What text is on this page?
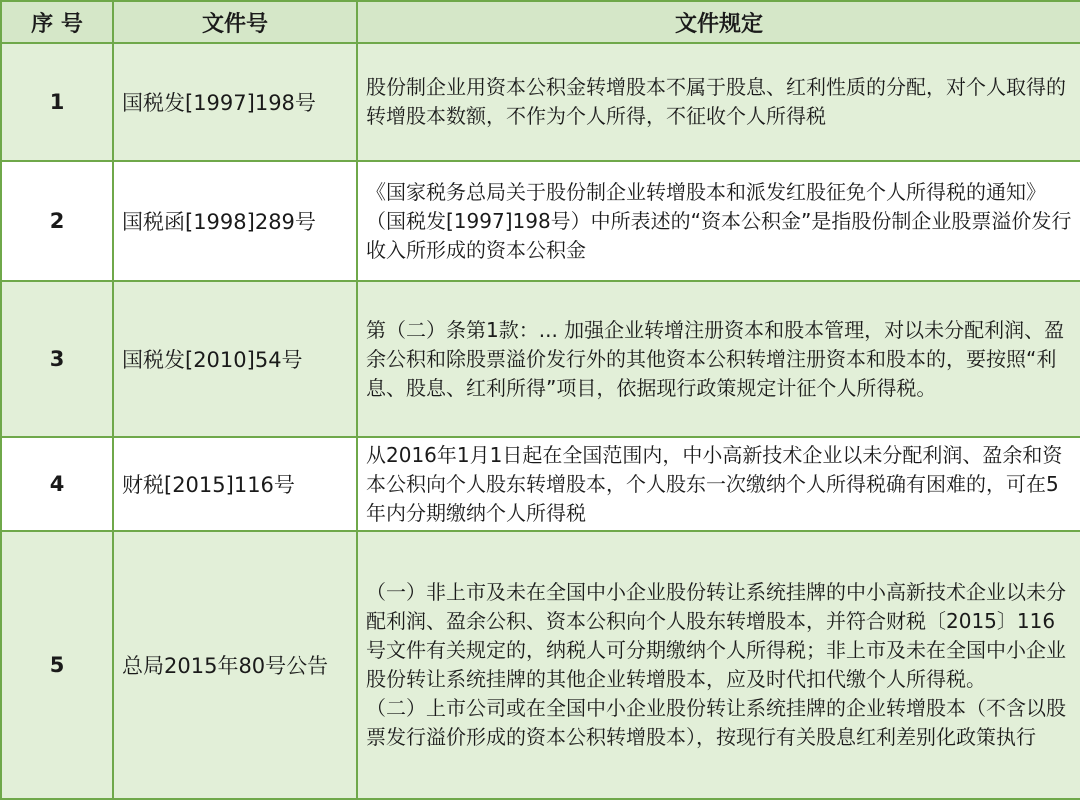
序 号	文件号	文件规定
1	国税发[1997]198号	股份制企业用资本公积金转增股本不属于股息、红利性质的分配，对个人取得的转增股本数额，不作为个人所得，不征收个人所得税

2	国税函[1998]289号	《国家税务总局关于股份制企业转增股本和派发红股征免个人所得税的通知》（国税发[1997]198号）中所表述的“资本公积金”是指股份制企业股票溢价发行收入所形成的资本公积金

3	国税发[2010]54号	第（二）条第1款：... 加强企业转增注册资本和股本管理，对以未分配利润、盈余公积和除股票溢价发行外的其他资本公积转增注册资本和股本的，要按照“利息、股息、红利所得”项目，依据现行政策规定计征个人所得税。

4	财税[2015]116号	从2016年1月1日起在全国范围内，中小高新技术企业以未分配利润、盈余和资本公积向个人股东转增股本，个人股东一次缴纳个人所得税确有困难的，可在5年内分期缴纳个人所得税

5	总局2015年80号公告	（一）非上市及未在全国中小企业股份转让系统挂牌的中小高新技术企业以未分配利润、盈余公积、资本公积向个人股东转增股本，并符合财税〔2015〕116号文件有关规定的，纳税人可分期缴纳个人所得税；非上市及未在全国中小企业股份转让系统挂牌的其他企业转增股本，应及时代扣代缴个人所得税。

（二）上市公司或在全国中小企业股份转让系统挂牌的企业转增股本（不含以股票发行溢价形成的资本公积转增股本），按现行有关股息红利差别化政策执行
